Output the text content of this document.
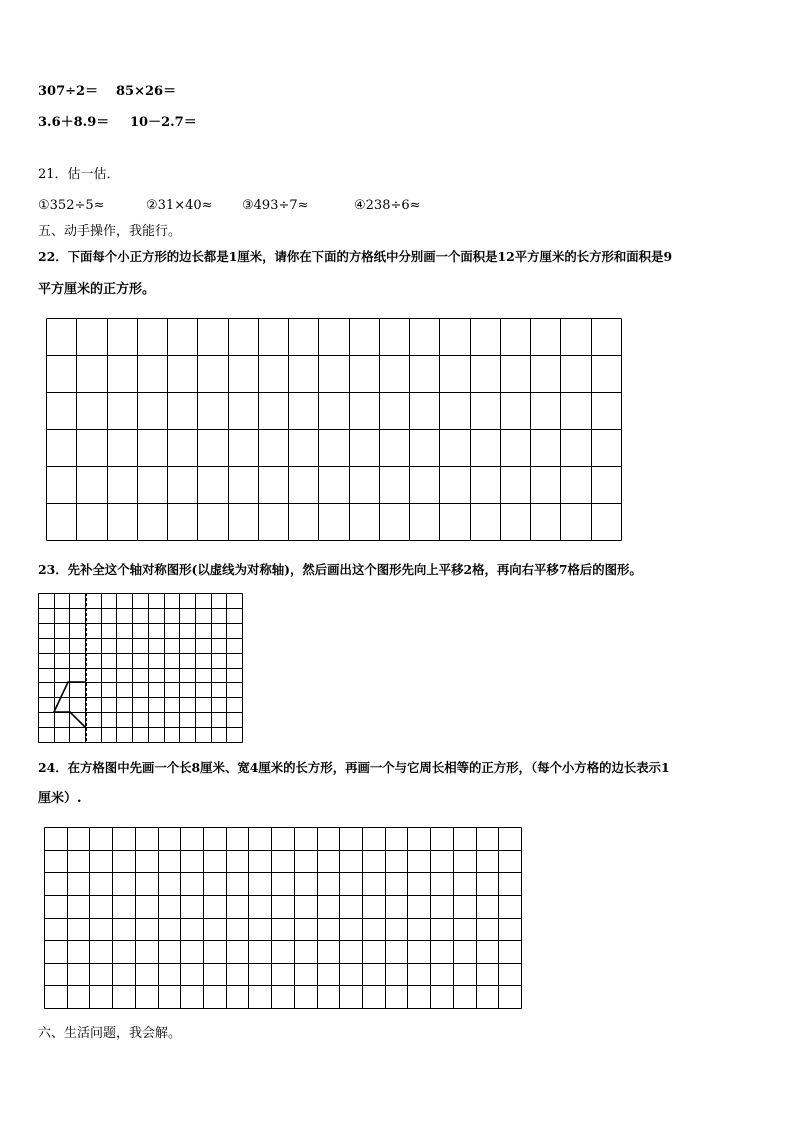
307÷2＝ 85×26＝
3.6＋8.9＝ 10－2.7＝
21．估一估．
①352÷5≈	②31×40≈ ③493÷7≈	④238÷6≈
五、动手操作，我能行。
22．下面每个小正方形的边长都是1厘米，请你在下面的方格纸中分别画一个面积是12平方厘米的长方形和面积是9
平方厘米的正方形。
23．先补全这个轴对称图形(以虚线为对称轴)，然后画出这个图形先向上平移2格，再向右平移7格后的图形。
24．在方格图中先画一个长8厘米、宽4厘米的长方形，再画一个与它周长相等的正方形，（每个小方格的边长表示1
厘米）.
六、生活问题，我会解。
